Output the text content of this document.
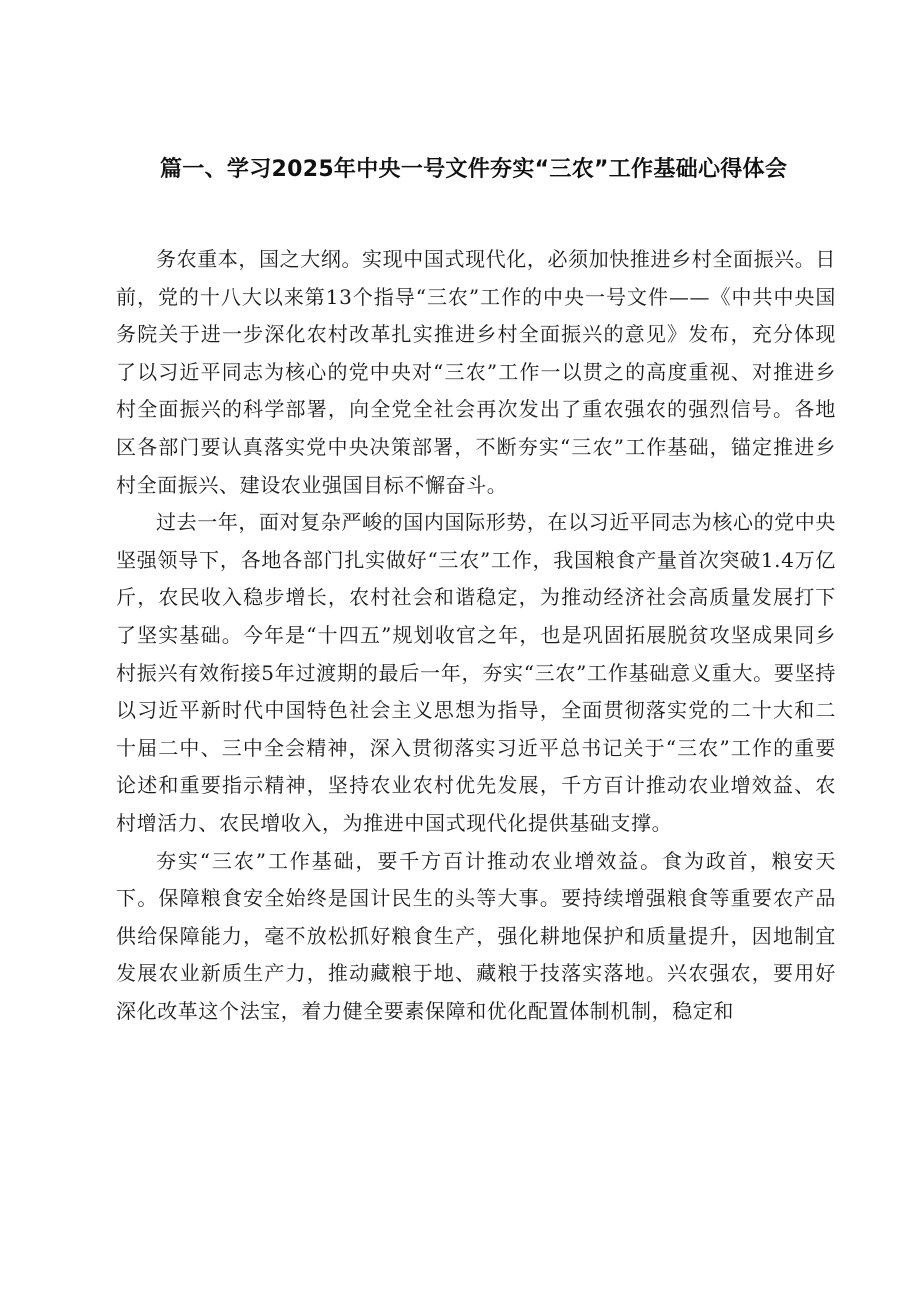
篇一、学习2025年中央一号文件夯实“三农”工作基础心得体会

务农重本，国之大纲。实现中国式现代化，必须加快推进乡村全面振兴。日前，党的十八大以来第13个指导“三农”工作的中央一号文件——《中共中央国务院关于进一步深化农村改革扎实推进乡村全面振兴的意见》发布，充分体现了以习近平同志为核心的党中央对“三农”工作一以贯之的高度重视、对推进乡村全面振兴的科学部署，向全党全社会再次发出了重农强农的强烈信号。各地区各部门要认真落实党中央决策部署，不断夯实“三农”工作基础，锚定推进乡村全面振兴、建设农业强国目标不懈奋斗。

过去一年，面对复杂严峻的国内国际形势，在以习近平同志为核心的党中央坚强领导下，各地各部门扎实做好“三农”工作，我国粮食产量首次突破1.4万亿斤，农民收入稳步增长，农村社会和谐稳定，为推动经济社会高质量发展打下了坚实基础。今年是“十四五”规划收官之年，也是巩固拓展脱贫攻坚成果同乡村振兴有效衔接5年过渡期的最后一年，夯实“三农”工作基础意义重大。要坚持以习近平新时代中国特色社会主义思想为指导，全面贯彻落实党的二十大和二十届二中、三中全会精神，深入贯彻落实习近平总书记关于“三农”工作的重要论述和重要指示精神，坚持农业农村优先发展，千方百计推动农业增效益、农村增活力、农民增收入，为推进中国式现代化提供基础支撑。

夯实“三农”工作基础，要千方百计推动农业增效益。食为政首，粮安天下。保障粮食安全始终是国计民生的头等大事。要持续增强粮食等重要农产品供给保障能力，毫不放松抓好粮食生产，强化耕地保护和质量提升，因地制宜发展农业新质生产力，推动藏粮于地、藏粮于技落实落地。兴农强农，要用好深化改革这个法宝，着力健全要素保障和优化配置体制机制，稳定和
